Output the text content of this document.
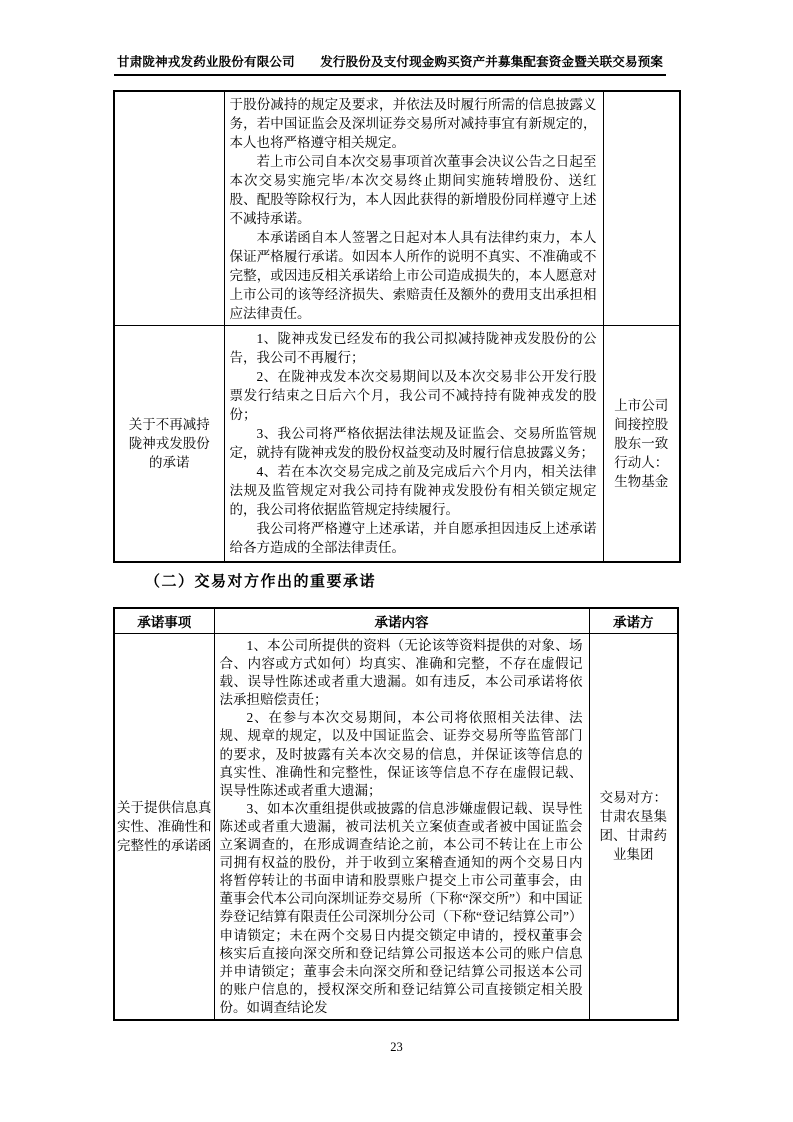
甘肃陇神戎发药业股份有限公司　　发行股份及支付现金购买资产并募集配套资金暨关联交易预案

	于股份减持的规定及要求，并依法及时履行所需的信息披露义务，若中国证监会及深圳证券交易所对减持事宜有新规定的，本人也将严格遵守相关规定。

若上市公司自本次交易事项首次董事会决议公告之日起至本次交易实施完毕/本次交易终止期间实施转增股份、送红股、配股等除权行为，本人因此获得的新增股份同样遵守上述不减持承诺。

本承诺函自本人签署之日起对本人具有法律约束力，本人保证严格履行承诺。如因本人所作的说明不真实、不准确或不完整，或因违反相关承诺给上市公司造成损失的，本人愿意对上市公司的该等经济损失、索赔责任及额外的费用支出承担相应法律责任。	

关于不再减持陇神戎发股份的承诺	1、陇神戎发已经发布的我公司拟减持陇神戎发股份的公告，我公司不再履行；

2、在陇神戎发本次交易期间以及本次交易非公开发行股票发行结束之日后六个月，我公司不减持持有陇神戎发的股份；

3、我公司将严格依据法律法规及证监会、交易所监管规定，就持有陇神戎发的股份权益变动及时履行信息披露义务；

4、若在本次交易完成之前及完成后六个月内，相关法律法规及监管规定对我公司持有陇神戎发股份有相关锁定规定的，我公司将依据监管规定持续履行。

我公司将严格遵守上述承诺，并自愿承担因违反上述承诺给各方造成的全部法律责任。	上市公司间接控股股东一致行动人：生物基金
（二）交易对方作出的重要承诺
承诺事项	承诺内容	承诺方
关于提供信息真实性、准确性和完整性的承诺函	1、本公司所提供的资料（无论该等资料提供的对象、场合、内容或方式如何）均真实、准确和完整，不存在虚假记载、误导性陈述或者重大遗漏。如有违反，本公司承诺将依法承担赔偿责任；

2、在参与本次交易期间，本公司将依照相关法律、法规、规章的规定，以及中国证监会、证券交易所等监管部门的要求，及时披露有关本次交易的信息，并保证该等信息的真实性、准确性和完整性，保证该等信息不存在虚假记载、误导性陈述或者重大遗漏；

3、如本次重组提供或披露的信息涉嫌虚假记载、误导性陈述或者重大遗漏，被司法机关立案侦查或者被中国证监会立案调查的，在形成调查结论之前，本公司不转让在上市公司拥有权益的股份，并于收到立案稽查通知的两个交易日内将暂停转让的书面申请和股票账户提交上市公司董事会，由董事会代本公司向深圳证券交易所（下称“深交所”）和中国证券登记结算有限责任公司深圳分公司（下称“登记结算公司”）申请锁定；未在两个交易日内提交锁定申请的，授权董事会核实后直接向深交所和登记结算公司报送本公司的账户信息并申请锁定；董事会未向深交所和登记结算公司报送本公司的账户信息的，授权深交所和登记结算公司直接锁定相关股份。如调查结论发	交易对方：甘肃农垦集团、甘肃药业集团
23
